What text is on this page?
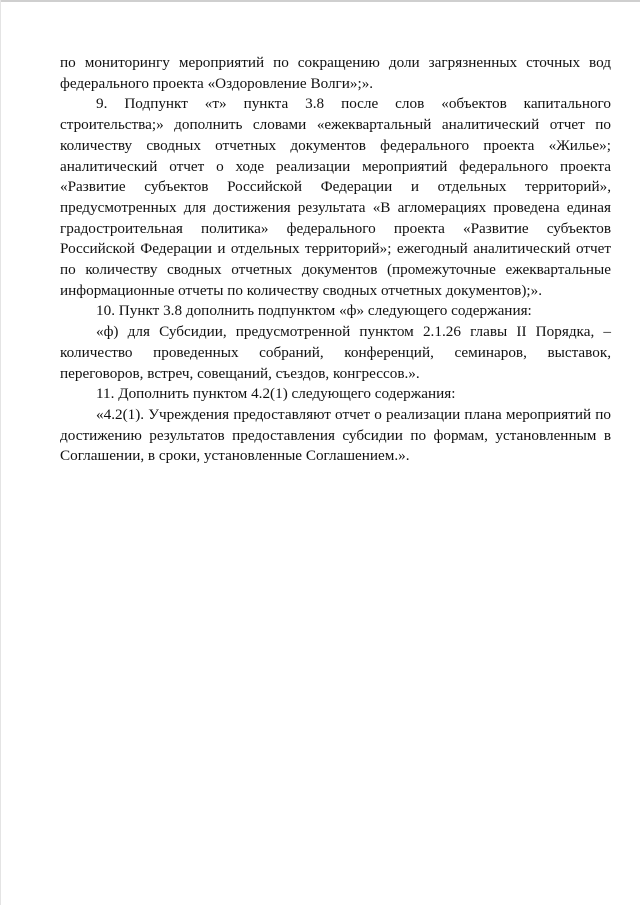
по мониторингу мероприятий по сокращению доли загрязненных сточных вод федерального проекта «Оздоровление Волги»;».

9. Подпункт «т» пункта 3.8 после слов «объектов капитального строительства;» дополнить словами «ежеквартальный аналитический отчет по количеству сводных отчетных документов федерального проекта «Жилье»; аналитический отчет о ходе реализации мероприятий федерального проекта «Развитие субъектов Российской Федерации и отдельных территорий», предусмотренных для достижения результата «В агломерациях проведена единая градостроительная политика» федерального проекта «Развитие субъектов Российской Федерации и отдельных территорий»; ежегодный аналитический отчет по количеству сводных отчетных документов (промежуточные ежеквартальные информационные отчеты по количеству сводных отчетных документов);».

10. Пункт 3.8 дополнить подпунктом «ф» следующего содержания:

«ф) для Субсидии, предусмотренной пунктом 2.1.26 главы II Порядка, – количество проведенных собраний, конференций, семинаров, выставок, переговоров, встреч, совещаний, съездов, конгрессов.».

11. Дополнить пунктом 4.2(1) следующего содержания:

«4.2(1). Учреждения предоставляют отчет о реализации плана мероприятий по достижению результатов предоставления субсидии по формам, установленным в Соглашении, в сроки, установленные Соглашением.».
